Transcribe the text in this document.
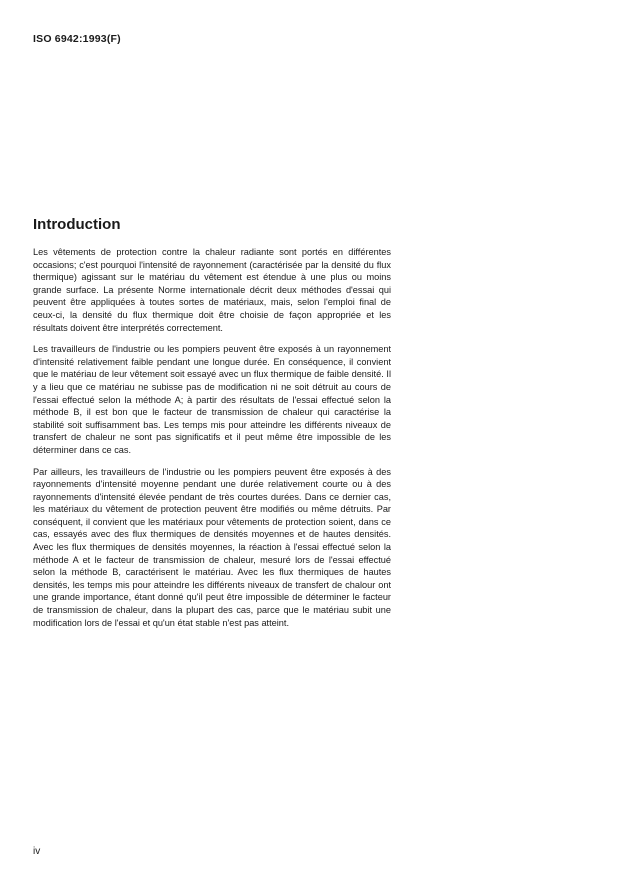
ISO 6942:1993(F)
Introduction

Les vêtements de protection contre la chaleur radiante sont portés en différentes occasions; c'est pourquoi l'intensité de rayonnement (caractérisée par la densité du flux thermique) agissant sur le matériau du vêtement est étendue à une plus ou moins grande surface. La présente Norme internationale décrit deux méthodes d'essai qui peuvent être appliquées à toutes sortes de matériaux, mais, selon l'emploi final de ceux-ci, la densité du flux thermique doit être choisie de façon appropriée et les résultats doivent être interprétés correctement.

Les travailleurs de l'industrie ou les pompiers peuvent être exposés à un rayonnement d'intensité relativement faible pendant une longue durée. En conséquence, il convient que le matériau de leur vêtement soit essayé avec un flux thermique de faible densité. Il y a lieu que ce matériau ne subisse pas de modification ni ne soit détruit au cours de l'essai effectué selon la méthode A; à partir des résultats de l'essai effectué selon la méthode B, il est bon que le facteur de transmission de chaleur qui caractérise la stabilité soit suffisamment bas. Les temps mis pour atteindre les différents niveaux de transfert de chaleur ne sont pas significatifs et il peut même être impossible de les déterminer dans ce cas.

Par ailleurs, les travailleurs de l'industrie ou les pompiers peuvent être exposés à des rayonnements d'intensité moyenne pendant une durée relativement courte ou à des rayonnements d'intensité élevée pendant de très courtes durées. Dans ce dernier cas, les matériaux du vêtement de protection peuvent être modifiés ou même détruits. Par conséquent, il convient que les matériaux pour vêtements de protection soient, dans ce cas, essayés avec des flux thermiques de densités moyennes et de hautes densités. Avec les flux thermiques de densités moyennes, la réaction à l'essai effectué selon la méthode A et le facteur de transmission de chaleur, mesuré lors de l'essai effectué selon la méthode B, caractérisent le matériau. Avec les flux thermiques de hautes densités, les temps mis pour atteindre les différents niveaux de transfert de chalour ont une grande importance, étant donné qu'il peut être impossible de déterminer le facteur de transmission de chaleur, dans la plupart des cas, parce que le matériau subit une modification lors de l'essai et qu'un état stable n'est pas atteint.

iv
